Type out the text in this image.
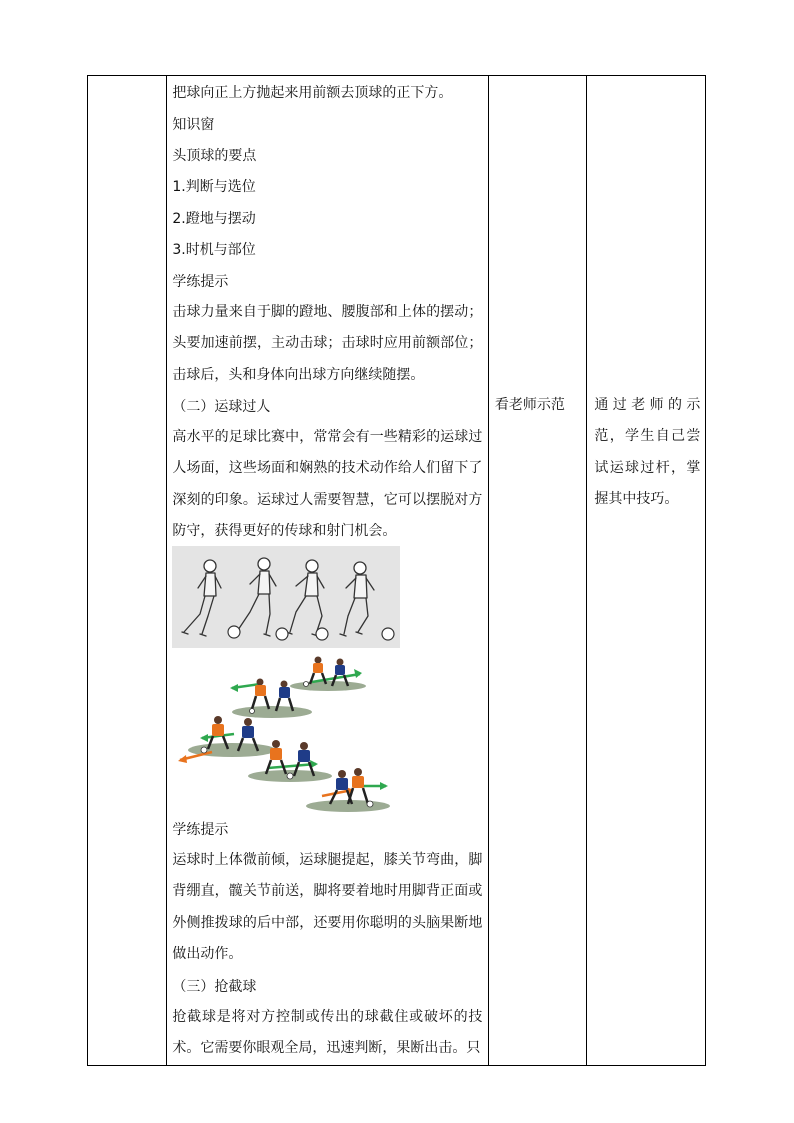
把球向正上方抛起来用前额去顶球的正下方。
知识窗
头顶球的要点
1.判断与选位
2.蹬地与摆动
3.时机与部位
学练提示
击球力量来自于脚的蹬地、腰腹部和上体的摆动；头要加速前摆，主动击球；击球时应用前额部位；击球后，头和身体向出球方向继续随摆。
（二）运球过人
高水平的足球比赛中，常常会有一些精彩的运球过人场面，这些场面和娴熟的技术动作给人们留下了深刻的印象。运球过人需要智慧，它可以摆脱对方防守，获得更好的传球和射门机会。
学练提示
运球时上体微前倾，运球腿提起，膝关节弯曲，脚背绷直，髋关节前送，脚将要着地时用脚背正面或外侧推拨球的后中部，还要用你聪明的头脑果断地做出动作。
（三）抢截球
抢截球是将对方控制或传出的球截住或破坏的技术。它需要你眼观全局，迅速判断，果断出击。只

看老师示范	通过老师的示范，学生自己尝试运球过杆，掌握其中技巧。
